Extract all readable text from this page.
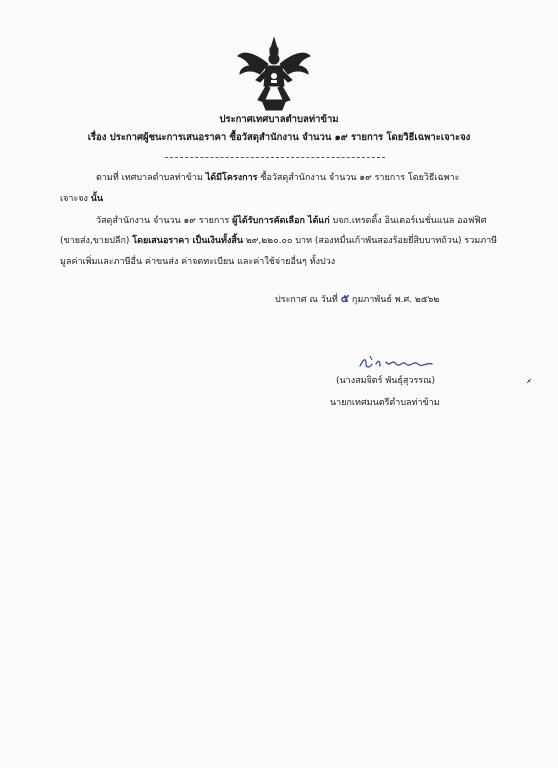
ประกาศเทศบาลตำบลท่าข้าม
เรื่อง ประกาศผู้ชนะการเสนอราคา ซื้อวัสดุสำนักงาน จำนวน ๑๙ รายการ โดยวิธีเฉพาะเจาะจง
ตามที่ เทศบาลตำบลท่าข้าม ได้มีโครงการ ซื้อวัสดุสำนักงาน จำนวน ๑๙ รายการ โดยวิธีเฉพาะ
เจาะจง นั้น
วัสดุสำนักงาน จำนวน ๑๙ รายการ ผู้ได้รับการคัดเลือก ได้แก่ บจก.เทรดดิ้ง อินเตอร์เนชั่นแนล ออฟฟิศ
(ขายส่ง,ขายปลีก) โดยเสนอราคา เป็นเงินทั้งสิ้น ๒๙,๒๒๐.๐๐ บาท (สองหมื่นเก้าพันสองร้อยยี่สิบบาทถ้วน) รวมภาษี
มูลค่าเพิ่มและภาษีอื่น ค่าขนส่ง ค่าจดทะเบียน และค่าใช้จ่ายอื่นๆ ทั้งปวง
ประกาศ ณ วันที่ ๕ กุมภาพันธ์ พ.ศ. ๒๕๖๒
(นางสมจิตร์ พันธุ์สุวรรณ)
นายกเทศมนตรีตำบลท่าข้าม
